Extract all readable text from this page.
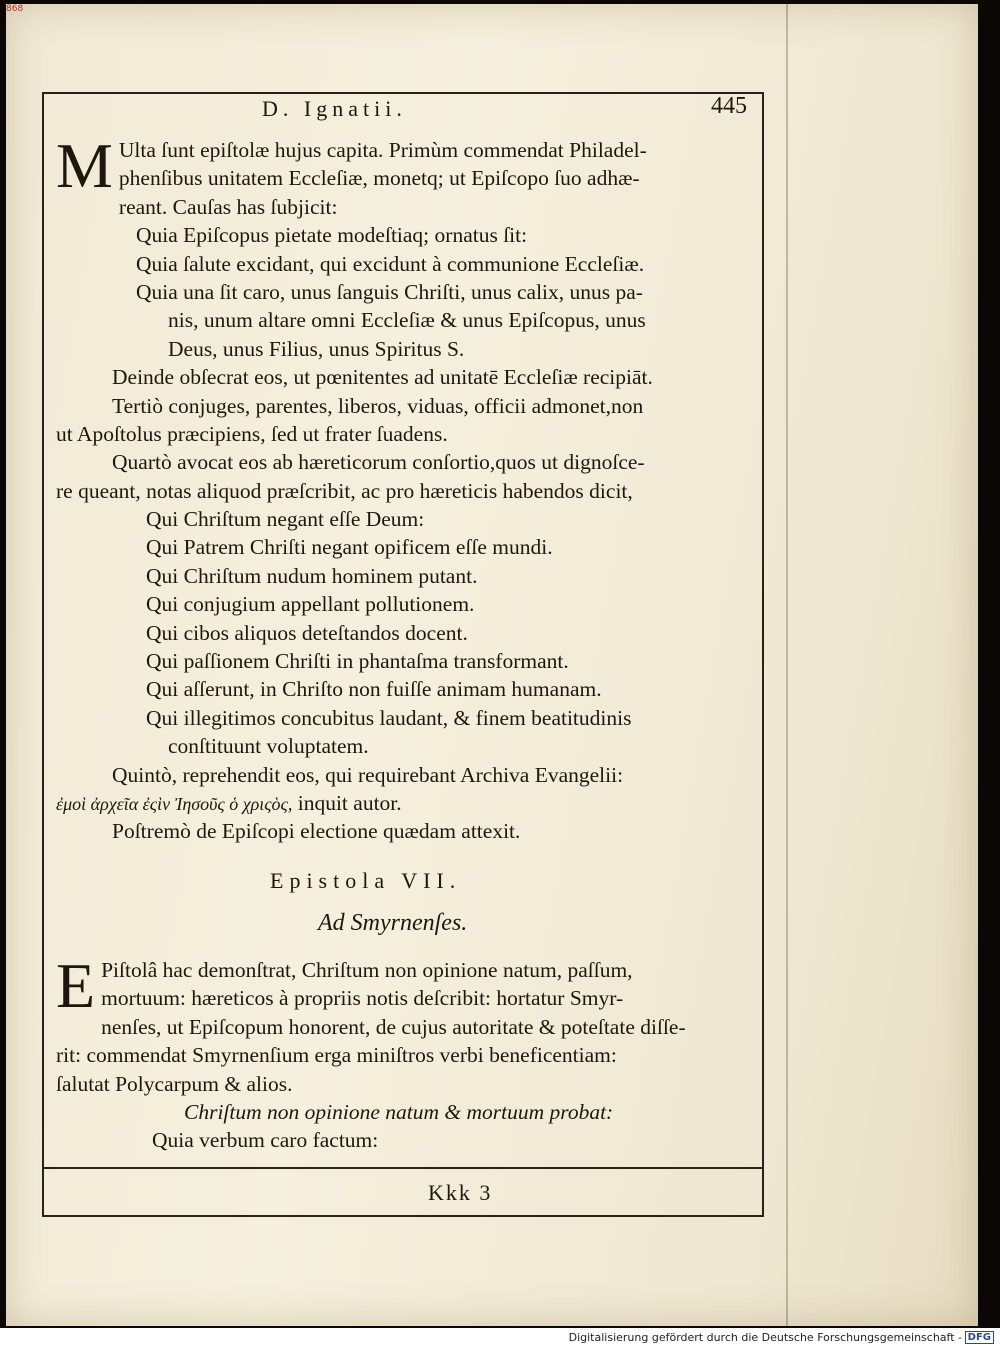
868
D. Ignatii.	445
M Ulta ſunt epiſtolæ hujus capita. Primùm commendat Philadel-
phenſibus unitatem Eccleſiæ, monetq; ut Epiſcopo ſuo adhæ-
reant. Cauſas has ſubjicit:
Quia Epiſcopus pietate modeſtiaq; ornatus ſit:
Quia ſalute excidant, qui excidunt à communione Eccleſiæ.
Quia una ſit caro, unus ſanguis Chriſti, unus calix, unus pa-
nis, unum altare omni Eccleſiæ & unus Epiſcopus, unus
Deus, unus Filius, unus Spiritus S.
Deinde obſecrat eos, ut pœnitentes ad unitatē Eccleſiæ recipiāt.
Tertiò conjuges, parentes, liberos, viduas, officii admonet,non
ut Apoſtolus præcipiens, ſed ut frater ſuadens.
Quartò avocat eos ab hæreticorum conſortio,quos ut dignoſce-
re queant, notas aliquod præſcribit, ac pro hæreticis habendos dicit,
Qui Chriſtum negant eſſe Deum:
Qui Patrem Chriſti negant opificem eſſe mundi.
Qui Chriſtum nudum hominem putant.
Qui conjugium appellant pollutionem.
Qui cibos aliquos deteſtandos docent.
Qui paſſionem Chriſti in phantaſma transformant.
Qui aſſerunt, in Chriſto non fuiſſe animam humanam.
Qui illegitimos concubitus laudant, & finem beatitudinis
conſtituunt voluptatem.
Quintò, reprehendit eos, qui requirebant Archiva Evangelii:
ἐμοὶ ἀρχεῖα ἐςὶν Ἰησοῦς ὁ χριςὸς, inquit autor.
Poſtremò de Epiſcopi electione quædam attexit.
Epistola VII.
Ad Smyrnenſes.
E Piſtolâ hac demonſtrat, Chriſtum non opinione natum, paſſum,
mortuum: hæreticos à propriis notis deſcribit: hortatur Smyr-
nenſes, ut Epiſcopum honorent, de cujus autoritate & poteſtate diſſe-
rit: commendat Smyrnenſium erga miniſtros verbi beneficentiam:
ſalutat Polycarpum & alios.
Chriſtum non opinione natum & mortuum probat:
Quia verbum caro factum:
Kkk 3
Digitalisierung gefördert durch die Deutsche Forschungsgemeinschaft - DFG
